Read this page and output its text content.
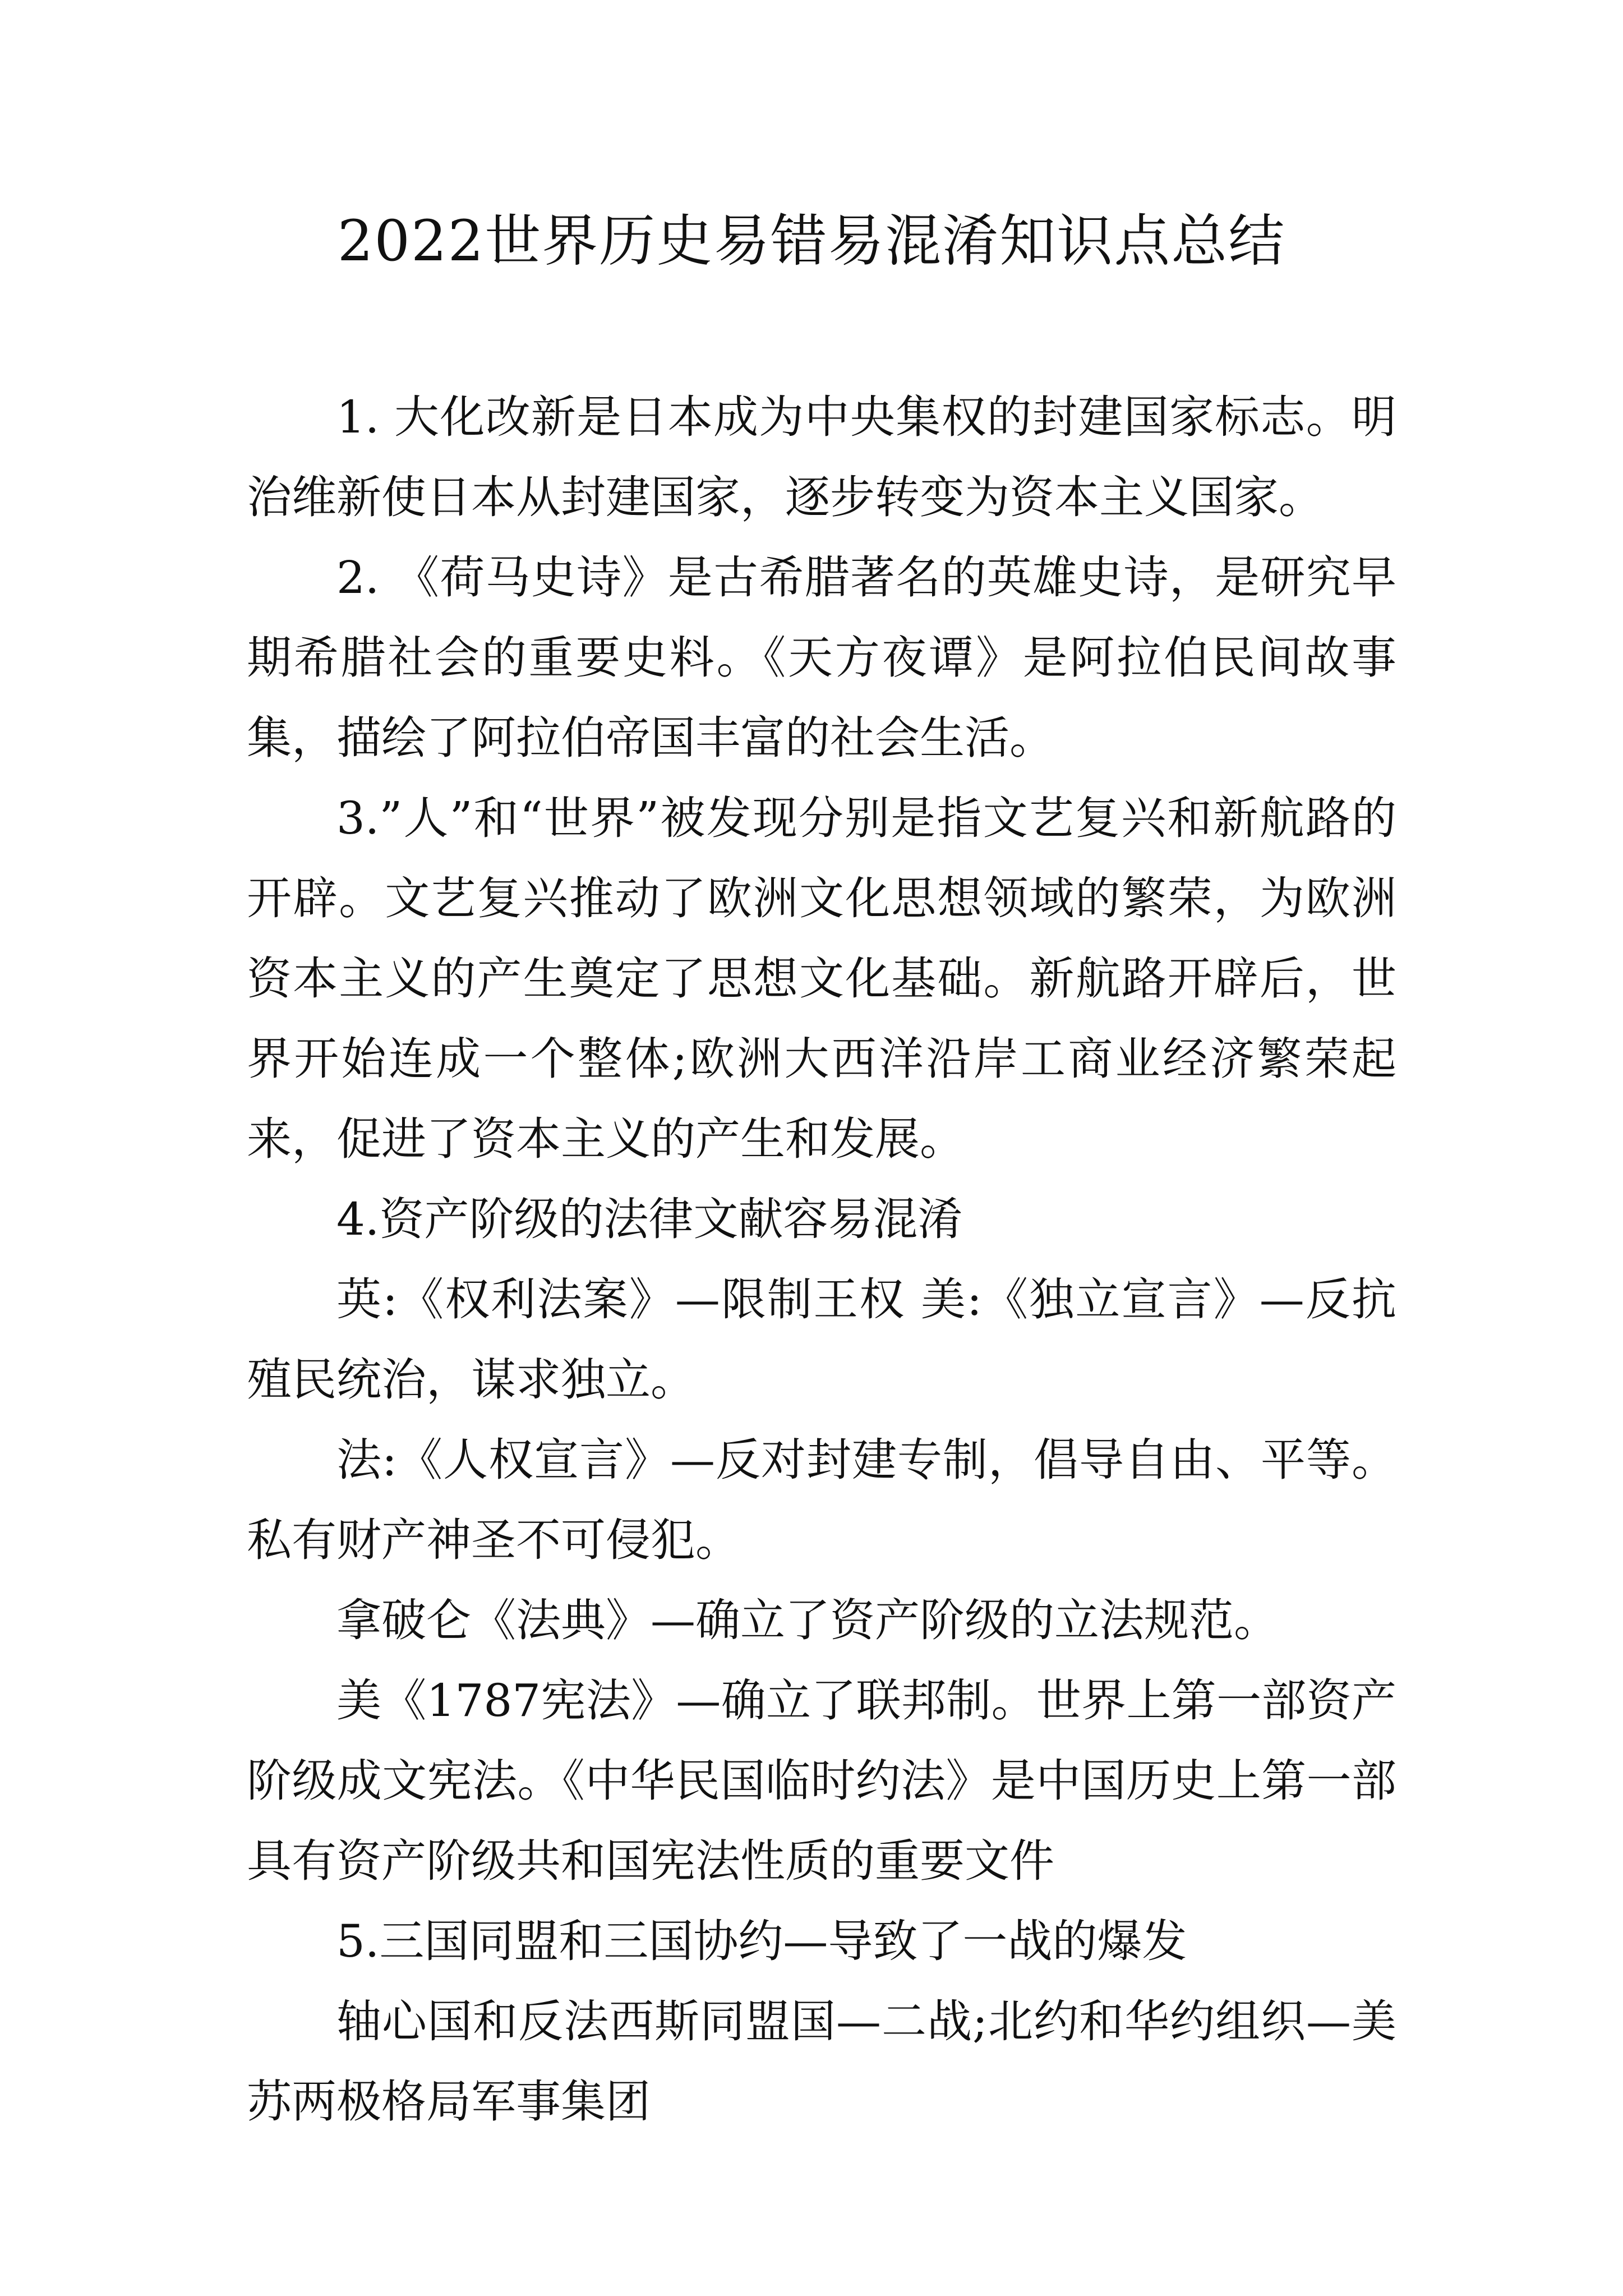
2022世界历史易错易混淆知识点总结

1. 大化改新是日本成为中央集权的封建国家标志。明治维新使日本从封建国家，逐步转变为资本主义国家。

2. 《荷马史诗》是古希腊著名的英雄史诗，是研究早期希腊社会的重要史料。《天方夜谭》是阿拉伯民间故事集，描绘了阿拉伯帝国丰富的社会生活。

3.”人”和“世界”被发现分别是指文艺复兴和新航路的开辟。文艺复兴推动了欧洲文化思想领域的繁荣，为欧洲资本主义的产生奠定了思想文化基础。新航路开辟后，世界开始连成一个整体;欧洲大西洋沿岸工商业经济繁荣起来，促进了资本主义的产生和发展。

4.资产阶级的法律文献容易混淆

英:《权利法案》—限制王权 美:《独立宣言》—反抗殖民统治，谋求独立。

法:《人权宣言》—反对封建专制，倡导自由、平等。私有财产神圣不可侵犯。

拿破仑《法典》—确立了资产阶级的立法规范。

美《1787宪法》—确立了联邦制。世界上第一部资产阶级成文宪法。《中华民国临时约法》是中国历史上第一部具有资产阶级共和国宪法性质的重要文件

5.三国同盟和三国协约—导致了一战的爆发

轴心国和反法西斯同盟国—二战;北约和华约组织—美苏两极格局军事集团
